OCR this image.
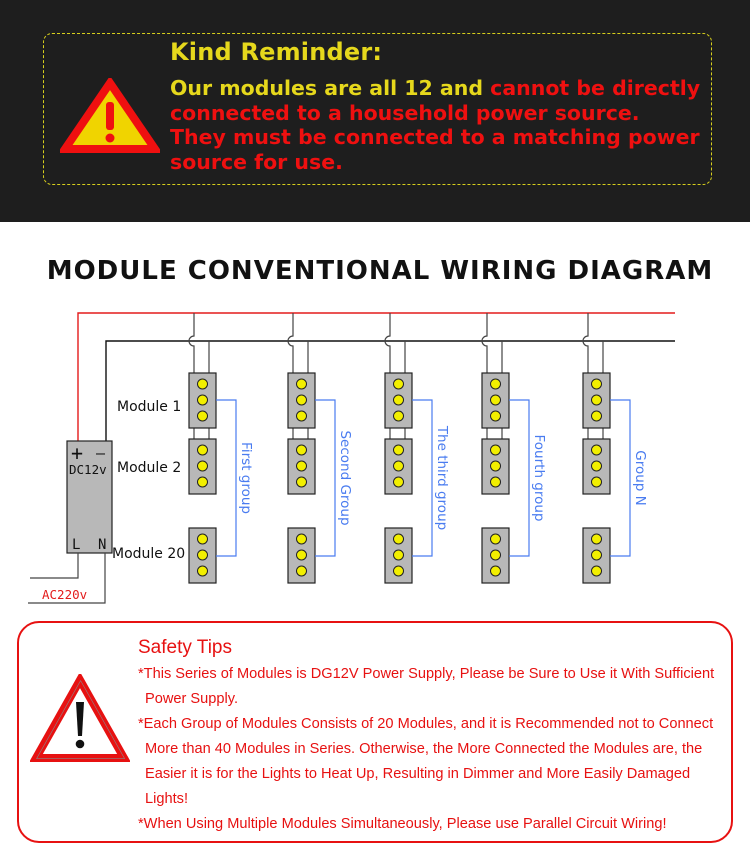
Kind Reminder:
Our modules are all 12 and cannot be directly
connected to a household power source.
They must be connected to a matching power
source for use.
MODULE CONVENTIONAL WIRING DIAGRAM
First group	Second Group	The third group	Fourth group	Group N
+ —
DC12v
L N
AC220v
Module 1
Module 2
Module 20
Safety Tips
*This Series of Modules is DG12V Power Supply, Please be Sure to Use it With Sufficient
Power Supply.
*Each Group of Modules Consists of 20 Modules, and it is Recommended not to Connect
More than 40 Modules in Series. Otherwise, the More Connected the Modules are, the
Easier it is for the Lights to Heat Up, Resulting in Dimmer and More Easily Damaged
Lights!
*When Using Multiple Modules Simultaneously, Please use Parallel Circuit Wiring!
